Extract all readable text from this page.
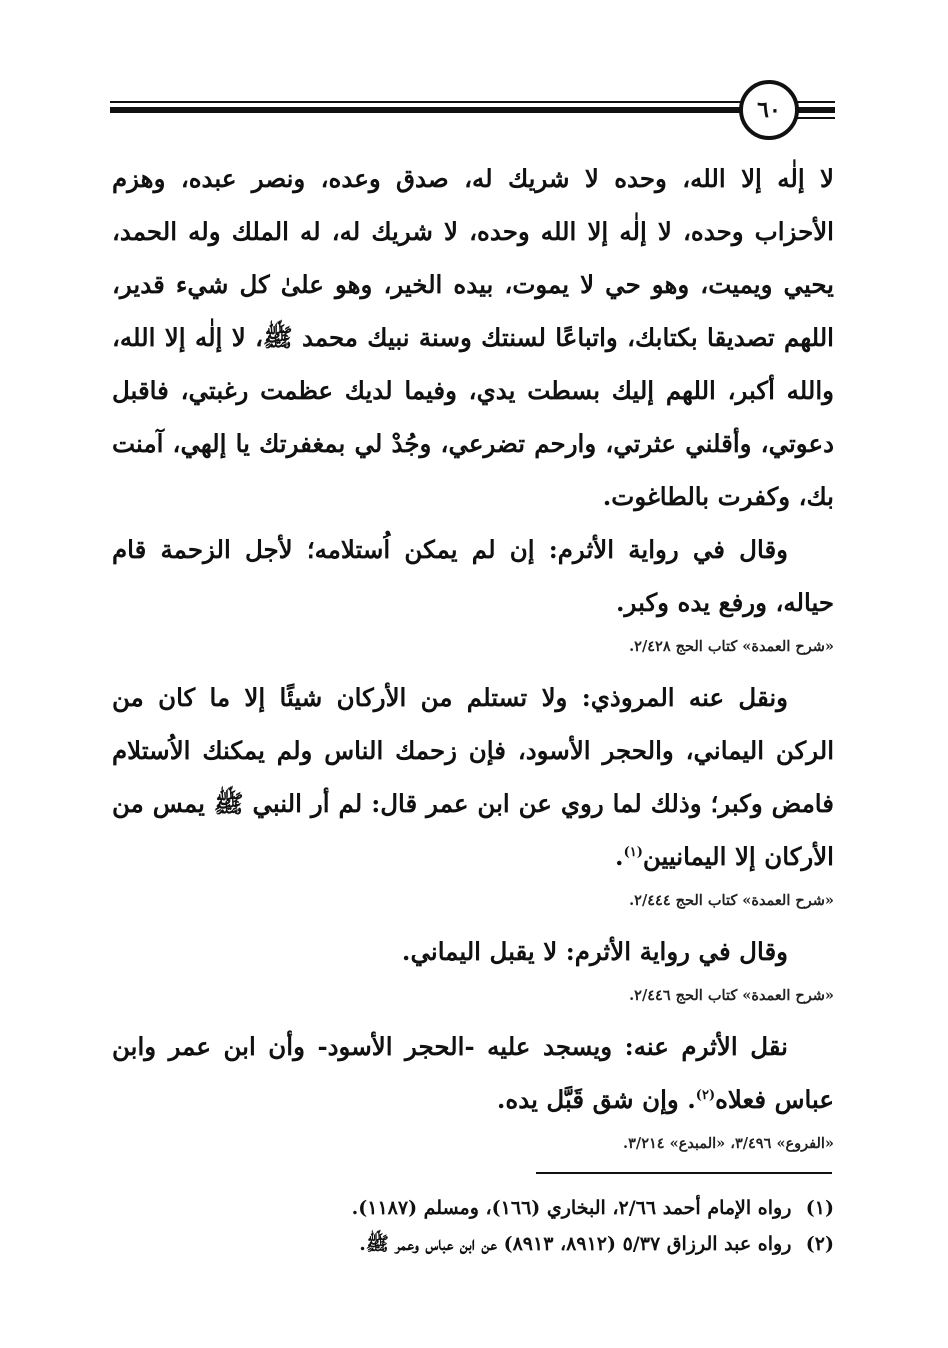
٦٠

لا إلٰه إلا الله، وحده لا شريك له، صدق وعده، ونصر عبده، وهزم الأحزاب وحده، لا إلٰه إلا الله وحده، لا شريك له، له الملك وله الحمد، يحيي ويميت، وهو حي لا يموت، بيده الخير، وهو علىٰ كل شيء قدير، اللهم تصديقا بكتابك، واتباعًا لسنتك وسنة نبيك محمد ﷺ، لا إلٰه إلا الله، والله أكبر، اللهم إليك بسطت يدي، وفيما لديك عظمت رغبتي، فاقبل دعوتي، وأقلني عثرتي، وارحم تضرعي، وجُدْ لي بمغفرتك يا إلهي، آمنت بك، وكفرت بالطاغوت.

وقال في رواية الأثرم: إن لم يمكن اُستلامه؛ لأجل الزحمة قام حياله، ورفع يده وكبر.

«شرح العمدة» كتاب الحج ٢/٤٢٨.

ونقل عنه المروذي: ولا تستلم من الأركان شيئًا إلا ما كان من الركن اليماني، والحجر الأسود، فإن زحمك الناس ولم يمكنك الاُستلام فامض وكبر؛ وذلك لما روي عن ابن عمر قال: لم أر النبي ﷺ يمس من الأركان إلا اليمانيين$^{(١)}$.

«شرح العمدة» كتاب الحج ٢/٤٤٤.

وقال في رواية الأثرم: لا يقبل اليماني.

«شرح العمدة» كتاب الحج ٢/٤٤٦.

نقل الأثرم عنه: ويسجد عليه -الحجر الأسود- وأن ابن عمر وابن عباس فعلاه$^{(٢)}$. وإن شق قَبَّل يده.

«الفروع» ٣/٤٩٦، «المبدع» ٣/٢١٤.

(١) رواه الإمام أحمد ٢/٦٦، البخاري (١٦٦)، ومسلم (١١٨٧).

(٢) رواه عبد الرزاق ٥/٣٧ (٨٩١٢، ٨٩١٣) عن ابن عباس وعمر ﷺ.
